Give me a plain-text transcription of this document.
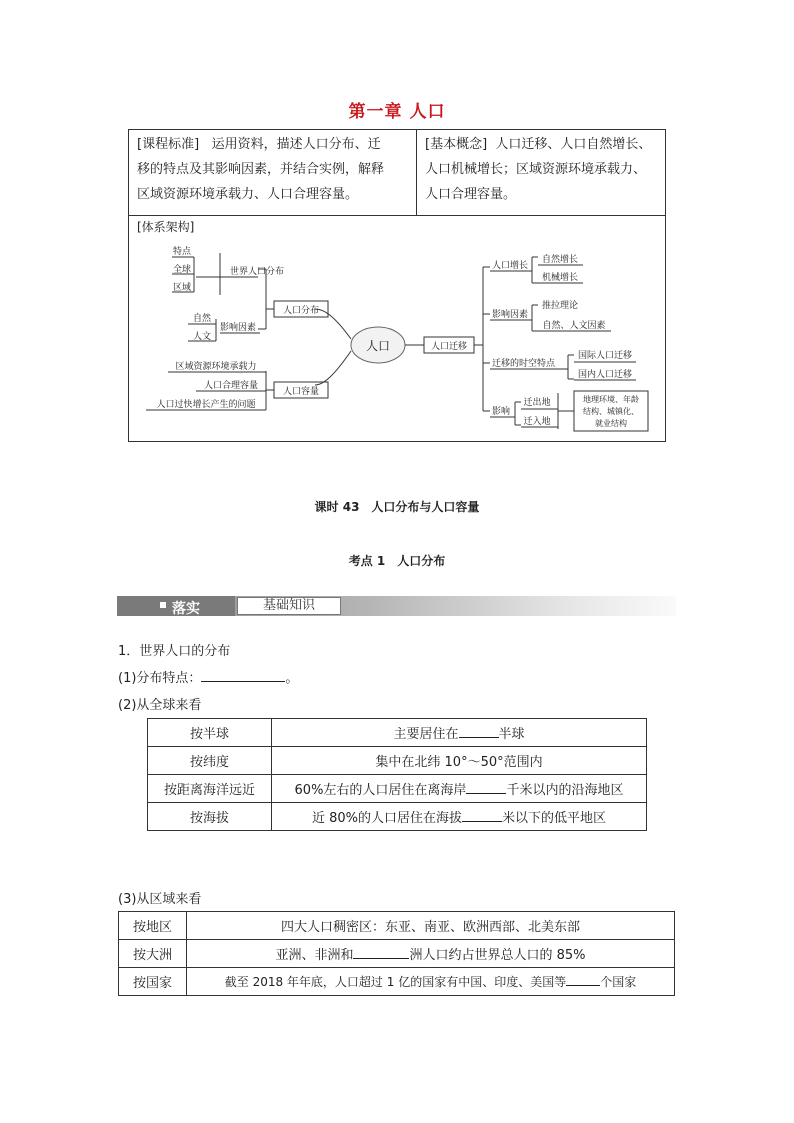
第一章 人口
[课程标准] 运用资料，描述人口分布、迁
移的特点及其影响因素，并结合实例，解释
区域资源环境承载力、人口合理容量。
[基本概念] 人口迁移、人口自然增长、
人口机械增长；区域资源环境承载力、
人口合理容量。
[体系架构]
人口
人口分布
世界人口分布
特点
全球
区域
影响因素
自然
人文
人口容量
区域资源环境承载力
人口合理容量
人口过快增长产生的问题
人口迁移
人口增长
自然增长
机械增长
影响因素
推拉理论
自然、人文因素
迁移的时空特点
国际人口迁移
国内人口迁移
影响
迁出地
迁入地
地理环境、年龄
结构、城镇化、
就业结构
课时 43　人口分布与人口容量
考点 1　人口分布
落实	基础知识
1．世界人口的分布
(1)分布特点：	。
(2)从全球来看
按半球	主要居住在 半球
按纬度	集中在北纬 10°～50°范围内
按距离海洋远近	60%左右的人口居住在离海岸 千米以内的沿海地区
按海拔	近 80%的人口居住在海拔 米以下的低平地区
(3)从区域来看
按地区	四大人口稠密区：东亚、南亚、欧洲西部、北美东部
按大洲	亚洲、非洲和 洲人口约占世界总人口的 85%
按国家	截至 2018 年年底，人口超过 1 亿的国家有中国、印度、美国等 个国家
